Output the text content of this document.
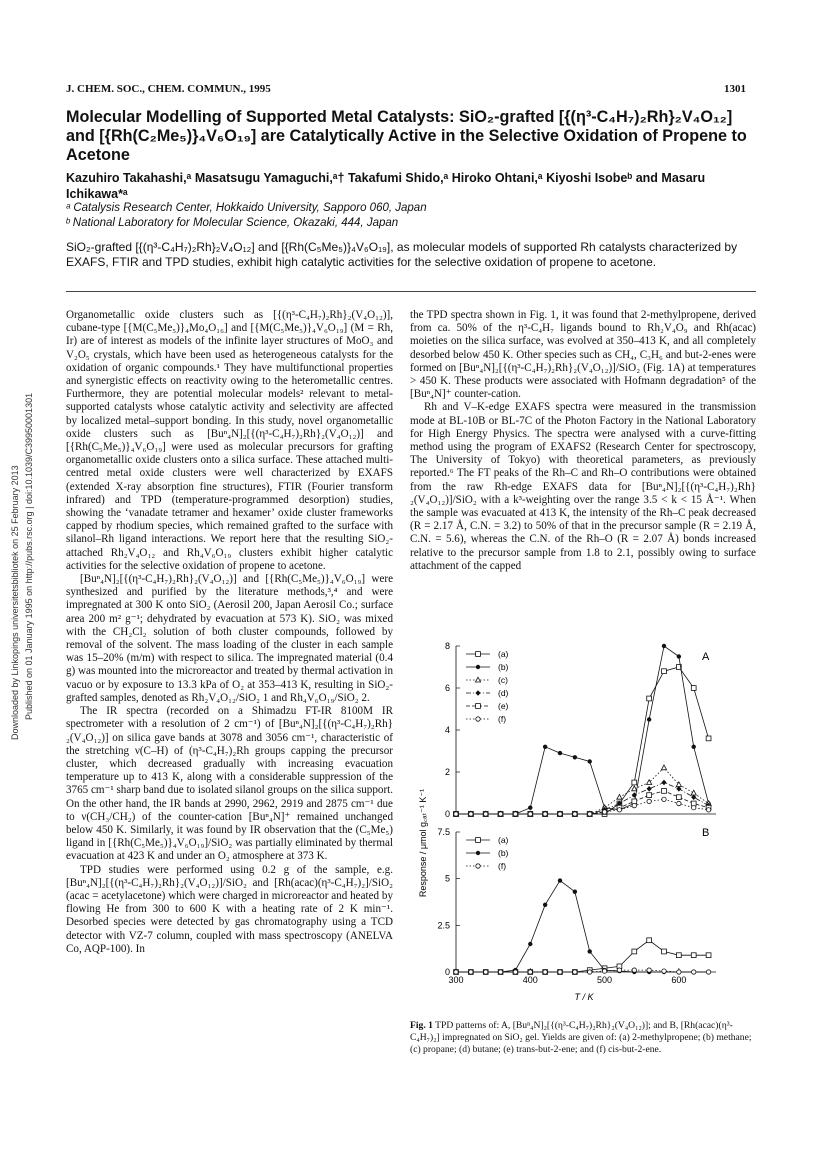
Downloaded by Linkopings universitetsbibliotek on 25 February 2013 Published on 01 January 1995 on http://pubs.rsc.org | doi:10.1039/C39950001301
J. CHEM. SOC., CHEM. COMMUN., 1995	1301
Molecular Modelling of Supported Metal Catalysts: SiO₂-grafted [{(η³-C₄H₇)₂Rh}₂V₄O₁₂] and [{Rh(C₂Me₅)}₄V₆O₁₉] are Catalytically Active in the Selective Oxidation of Propene to Acetone
Kazuhiro Takahashi,ᵃ Masatsugu Yamaguchi,ᵃ† Takafumi Shido,ᵃ Hiroko Ohtani,ᵃ Kiyoshi Isobeᵇ and Masaru Ichikawa*ᵃ
ᵃ Catalysis Research Center, Hokkaido University, Sapporo 060, Japan
ᵇ National Laboratory for Molecular Science, Okazaki, 444, Japan
SiO₂-grafted [{(η³-C₄H₇)₂Rh}₂V₄O₁₂] and [{Rh(C₅Me₅)}₄V₆O₁₉], as molecular models of supported Rh catalysts characterized by EXAFS, FTIR and TPD studies, exhibit high catalytic activities for the selective oxidation of propene to acetone.

Organometallic oxide clusters such as [{(η³-C₄H₇)₂Rh}₂(V₄O₁₂)], cubane-type [{M(C₅Me₅)}₄Mo₄O₁₆] and [{M(C₅Me₅)}₄V₆O₁₉] (M = Rh, Ir) are of interest as models of the infinite layer structures of MoO₃ and V₂O₅ crystals, which have been used as heterogeneous catalysts for the oxidation of organic compounds.¹ They have multifunctional properties and synergistic effects on reactivity owing to the heterometallic centres. Furthermore, they are potential molecular models² relevant to metal-supported catalysts whose catalytic activity and selectivity are affected by localized metal–support bonding. In this study, novel organometallic oxide clusters such as [Buⁿ₄N]₂[{(η³-C₄H₇)₂Rh}₂(V₄O₁₂)] and [{Rh(C₅Me₅)}₄V₆O₁₉] were used as molecular precursors for grafting organometallic oxide clusters onto a silica surface. These attached multi-centred metal oxide clusters were well characterized by EXAFS (extended X-ray absorption fine structures), FTIR (Fourier transform infrared) and TPD (temperature-programmed desorption) studies, showing the ‘vanadate tetramer and hexamer’ oxide cluster frameworks capped by rhodium species, which remained grafted to the surface with silanol–Rh ligand interactions. We report here that the resulting SiO₂-attached Rh₂V₄O₁₂ and Rh₄V₆O₁₉ clusters exhibit higher catalytic activities for the selective oxidation of propene to acetone.

[Buⁿ₄N]₂[{(η³-C₄H₇)₂Rh}₂(V₄O₁₂)] and [{Rh(C₅Me₅)}₄V₆O₁₉] were synthesized and purified by the literature methods,³,⁴ and were impregnated at 300 K onto SiO₂ (Aerosil 200, Japan Aerosil Co.; surface area 200 m² g⁻¹; dehydrated by evacuation at 573 K). SiO₂ was mixed with the CH₂Cl₂ solution of both cluster compounds, followed by removal of the solvent. The mass loading of the cluster in each sample was 15–20% (m/m) with respect to silica. The impregnated material (0.4 g) was mounted into the microreactor and treated by thermal activation in vacuo or by exposure to 13.3 kPa of O₂ at 353–413 K, resulting in SiO₂-grafted samples, denoted as Rh₂V₄O₁₂/SiO₂ 1 and Rh₄V₆O₁₉/SiO₂ 2.

The IR spectra (recorded on a Shimadzu FT-IR 8100M IR spectrometer with a resolution of 2 cm⁻¹) of [Buⁿ₄N]₂[{(η³-C₄H₇)₂Rh}₂(V₄O₁₂)] on silica gave bands at 3078 and 3056 cm⁻¹, characteristic of the stretching ν(C–H) of (η³-C₄H₇)₂Rh groups capping the precursor cluster, which decreased gradually with increasing evacuation temperature up to 413 K, along with a considerable suppression of the 3765 cm⁻¹ sharp band due to isolated silanol groups on the silica support. On the other hand, the IR bands at 2990, 2962, 2919 and 2875 cm⁻¹ due to ν(CH₃/CH₂) of the counter-cation [Buⁿ₄N]⁺ remained unchanged below 450 K. Similarly, it was found by IR observation that the (C₅Me₅) ligand in [{Rh(C₅Me₅)}₄V₆O₁₉]/SiO₂ was partially eliminated by thermal evacuation at 423 K and under an O₂ atmosphere at 373 K.

TPD studies were performed using 0.2 g of the sample, e.g. [Buⁿ₄N]₂[{(η³-C₄H₇)₂Rh}₂(V₄O₁₂)]/SiO₂ and [Rh(acac)(η³-C₄H₇)₂]/SiO₂ (acac = acetylacetone) which were charged in microreactor and heated by flowing He from 300 to 600 K with a heating rate of 2 K min⁻¹. Desorbed species were detected by gas chromatography using a TCD detector with VZ-7 column, coupled with mass spectroscopy (ANELVA Co, AQP-100). In

the TPD spectra shown in Fig. 1, it was found that 2-methylpropene, derived from ca. 50% of the η³-C₄H₇ ligands bound to Rh₂V₄O₉ and Rh(acac) moieties on the silica surface, was evolved at 350–413 K, and all completely desorbed below 450 K. Other species such as CH₄, C₃H₆ and but-2-enes were formed on [Buⁿ₄N]₂[{(η³-C₄H₇)₂Rh}₂(V₄O₁₂)]/SiO₂ (Fig. 1A) at temperatures > 450 K. These products were associated with Hofmann degradation⁵ of the [Buⁿ₄N]⁺ counter-cation.

Rh and V–K-edge EXAFS spectra were measured in the transmission mode at BL-10B or BL-7C of the Photon Factory in the National Laboratory for High Energy Physics. The spectra were analysed with a curve-fitting method using the program of EXAFS2 (Research Center for spectroscopy, The University of Tokyo) with theoretical parameters, as previously reported.⁶ The FT peaks of the Rh–C and Rh–O contributions were obtained from the raw Rh-edge EXAFS data for [Buⁿ₄N]₂[{(η³-C₄H₇)₂Rh}₂(V₄O₁₂)]/SiO₂ with a k³-weighting over the range 3.5 < k < 15 Å⁻¹. When the sample was evacuated at 413 K, the intensity of the Rh–C peak decreased (R = 2.17 Å, C.N. = 3.2) to 50% of that in the precursor sample (R = 2.19 Å, C.N. = 5.6), whereas the C.N. of the Rh–O (R = 2.07 Å) bonds increased relative to the precursor sample from 1.8 to 2.1, possibly owing to surface attachment of the capped

0
2
4
6
8
(a)
(b)
(c)
(d)
(e)
(f)
0
2.5
5
7.5
300	400	500	600
(a)
(b)
(f)
Response / μmol g꜀ₐₜ⁻¹ K⁻¹
T / K
A
B
Fig. 1 TPD patterns of: A, [Buⁿ₄N]₂[{(η³-C₄H₇)₂Rh}₂(V₄O₁₂)]; and B, [Rh(acac)(η³-C₄H₇)₂] impregnated on SiO₂ gel. Yields are given of: (a) 2-methylpropene; (b) methane; (c) propane; (d) butane; (e) trans-but-2-ene; and (f) cis-but-2-ene.
